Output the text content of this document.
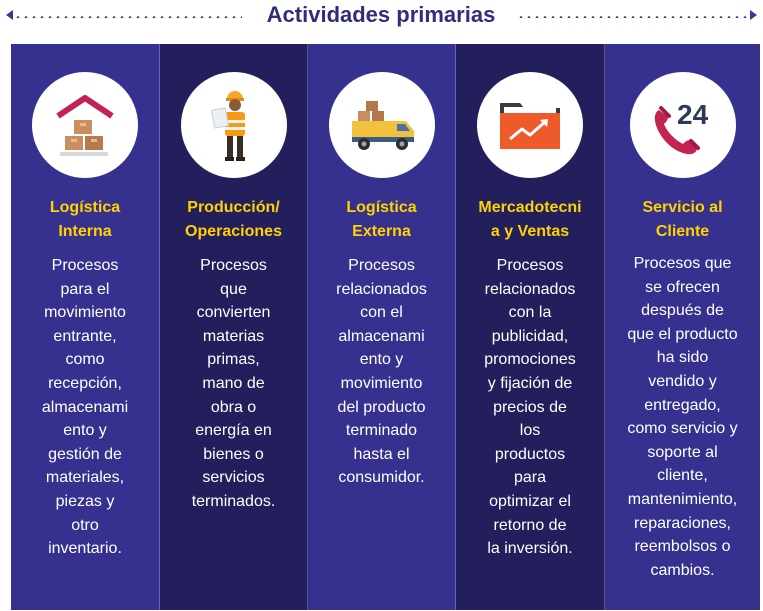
Actividades primarias
Logística
Interna
Procesos
para el
movimiento
entrante,
como
recepción,
almacenami
ento y
gestión de
materiales,
piezas y
otro
inventario.
Producción/
Operaciones
Procesos
que
convierten
materias
primas,
mano de
obra o
energía en
bienes o
servicios
terminados.
Logística
Externa
Procesos
relacionados
con el
almacenami
ento y
movimiento
del producto
terminado
hasta el
consumidor.
Mercadotecni
a y Ventas
Procesos
relacionados
con la
publicidad,
promociones
y fijación de
precios de
los
productos
para
optimizar el
retorno de
la inversión.
24
Servicio al
Cliente
Procesos que
se ofrecen
después de
que el producto
ha sido
vendido y
entregado,
como servicio y
soporte al
cliente,
mantenimiento,
reparaciones,
reembolsos o
cambios.
